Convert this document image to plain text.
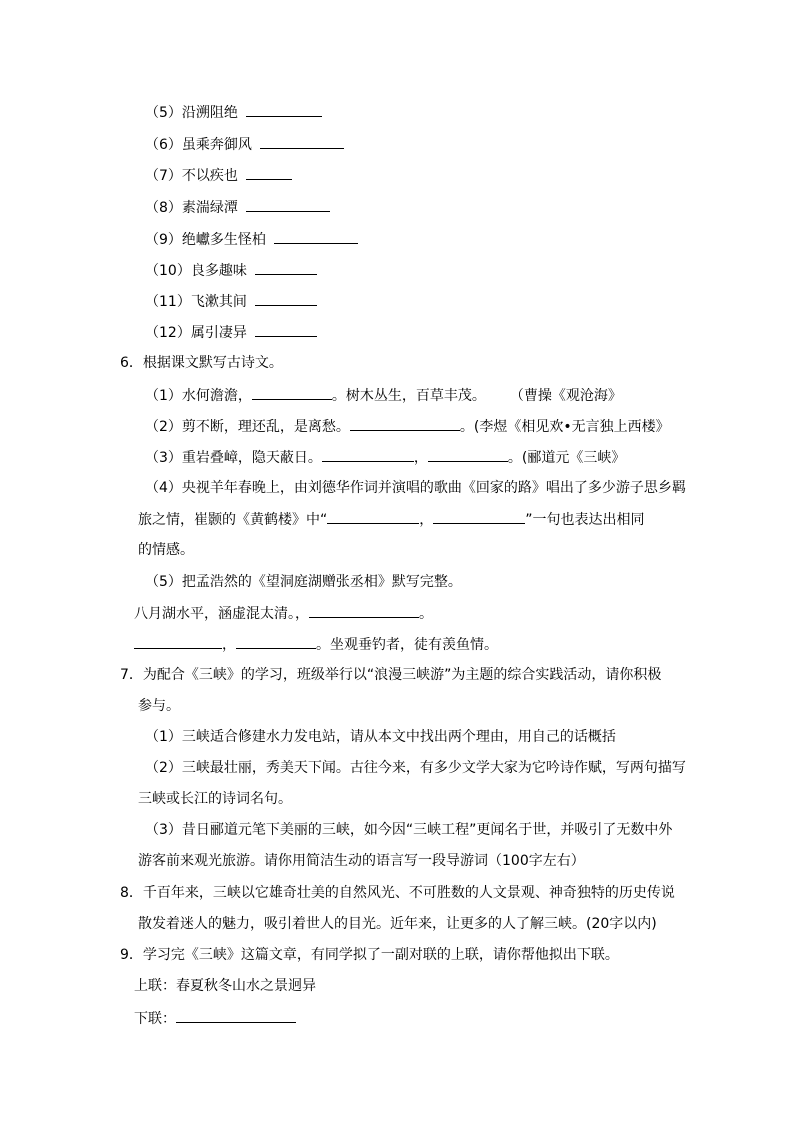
（5）沿溯阻绝
（6）虽乘奔御风
（7）不以疾也
（8）素湍绿潭
（9）绝巘多生怪柏
（10）良多趣味
（11）飞漱其间
（12）属引凄异
6．根据课文默写古诗文。
（1）水何澹澹，	。树木丛生，百草丰茂。 （曹操《观沧海》
（2）剪不断，理还乱，是离愁。	。(李煜《相见欢•无言独上西楼》
（3）重岩叠嶂，隐天蔽日。	，	。(郦道元《三峡》
（4）央视羊年春晚上，由刘德华作词并演唱的歌曲《回家的路》唱出了多少游子思乡羁
旅之情，崔颢的《黄鹤楼》中“	，	”一句也表达出相同
的情感。
（5）把孟浩然的《望洞庭湖赠张丞相》默写完整。
八月湖水平，涵虚混太清。，	。
，	。坐观垂钓者，徒有羡鱼情。
7．为配合《三峡》的学习，班级举行以“浪漫三峡游”为主题的综合实践活动，请你积极
参与。
（1）三峡适合修建水力发电站，请从本文中找出两个理由，用自己的话概括
（2）三峡最壮丽，秀美天下闻。古往今来，有多少文学大家为它吟诗作赋，写两句描写
三峡或长江的诗词名句。
（3）昔日郦道元笔下美丽的三峡，如今因“三峡工程”更闻名于世，并吸引了无数中外
游客前来观光旅游。请你用简洁生动的语言写一段导游词（100字左右）
8．千百年来，三峡以它雄奇壮美的自然风光、不可胜数的人文景观、神奇独特的历史传说
散发着迷人的魅力，吸引着世人的目光。近年来，让更多的人了解三峡。(20字以内)
9．学习完《三峡》这篇文章，有同学拟了一副对联的上联，请你帮他拟出下联。
上联：春夏秋冬山水之景迥异
下联：
